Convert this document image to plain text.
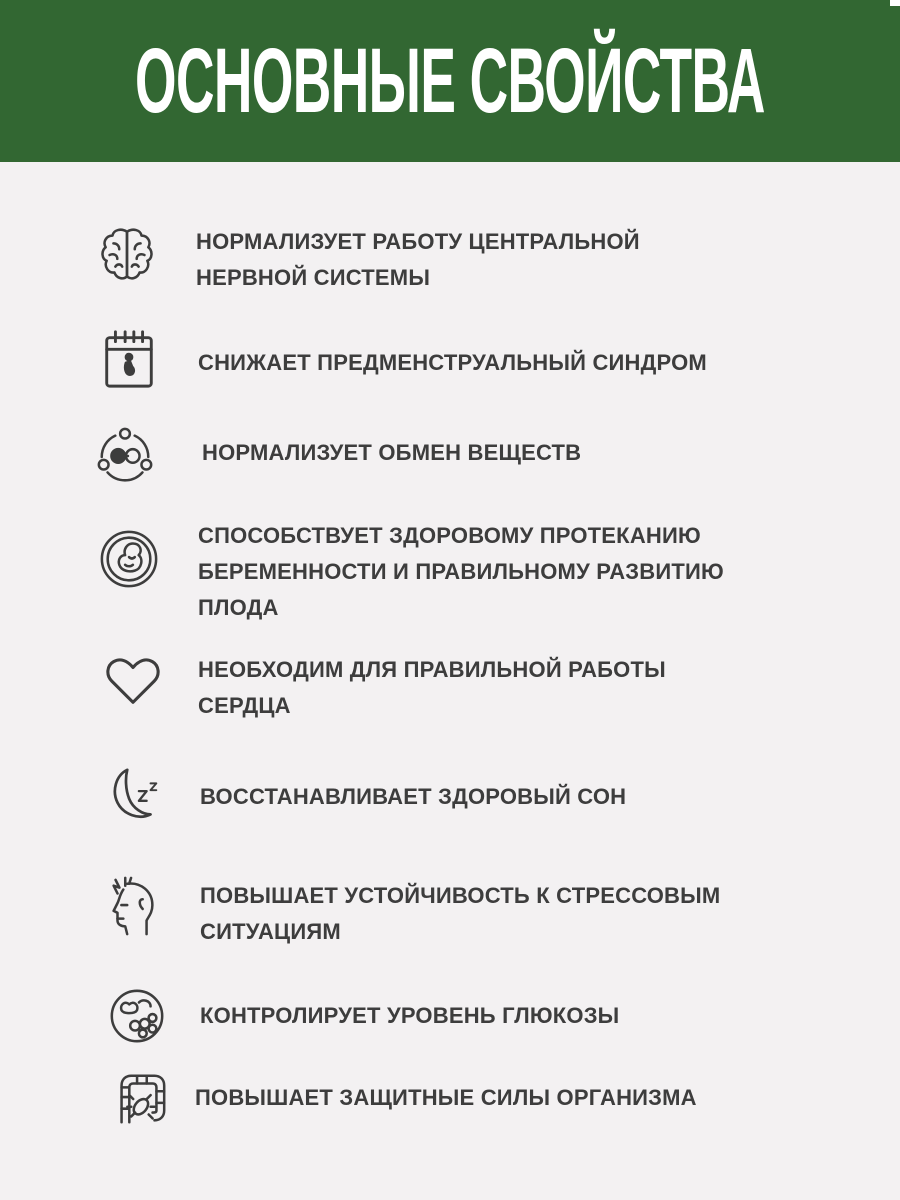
ОСНОВНЫЕ СВОЙСТВА
НОРМАЛИЗУЕТ РАБОТУ ЦЕНТРАЛЬНОЙ
НЕРВНОЙ СИСТЕМЫ
СНИЖАЕТ ПРЕДМЕНСТРУАЛЬНЫЙ СИНДРОМ
НОРМАЛИЗУЕТ ОБМЕН ВЕЩЕСТВ
СПОСОБСТВУЕТ ЗДОРОВОМУ ПРОТЕКАНИЮ
БЕРЕМЕННОСТИ И ПРАВИЛЬНОМУ РАЗВИТИЮ
ПЛОДА
НЕОБХОДИМ ДЛЯ ПРАВИЛЬНОЙ РАБОТЫ
СЕРДЦА
ВОССТАНАВЛИВАЕТ ЗДОРОВЫЙ СОН
ПОВЫШАЕТ УСТОЙЧИВОСТЬ К СТРЕССОВЫМ
СИТУАЦИЯМ
КОНТРОЛИРУЕТ УРОВЕНЬ ГЛЮКОЗЫ
ПОВЫШАЕТ ЗАЩИТНЫЕ СИЛЫ ОРГАНИЗМА
